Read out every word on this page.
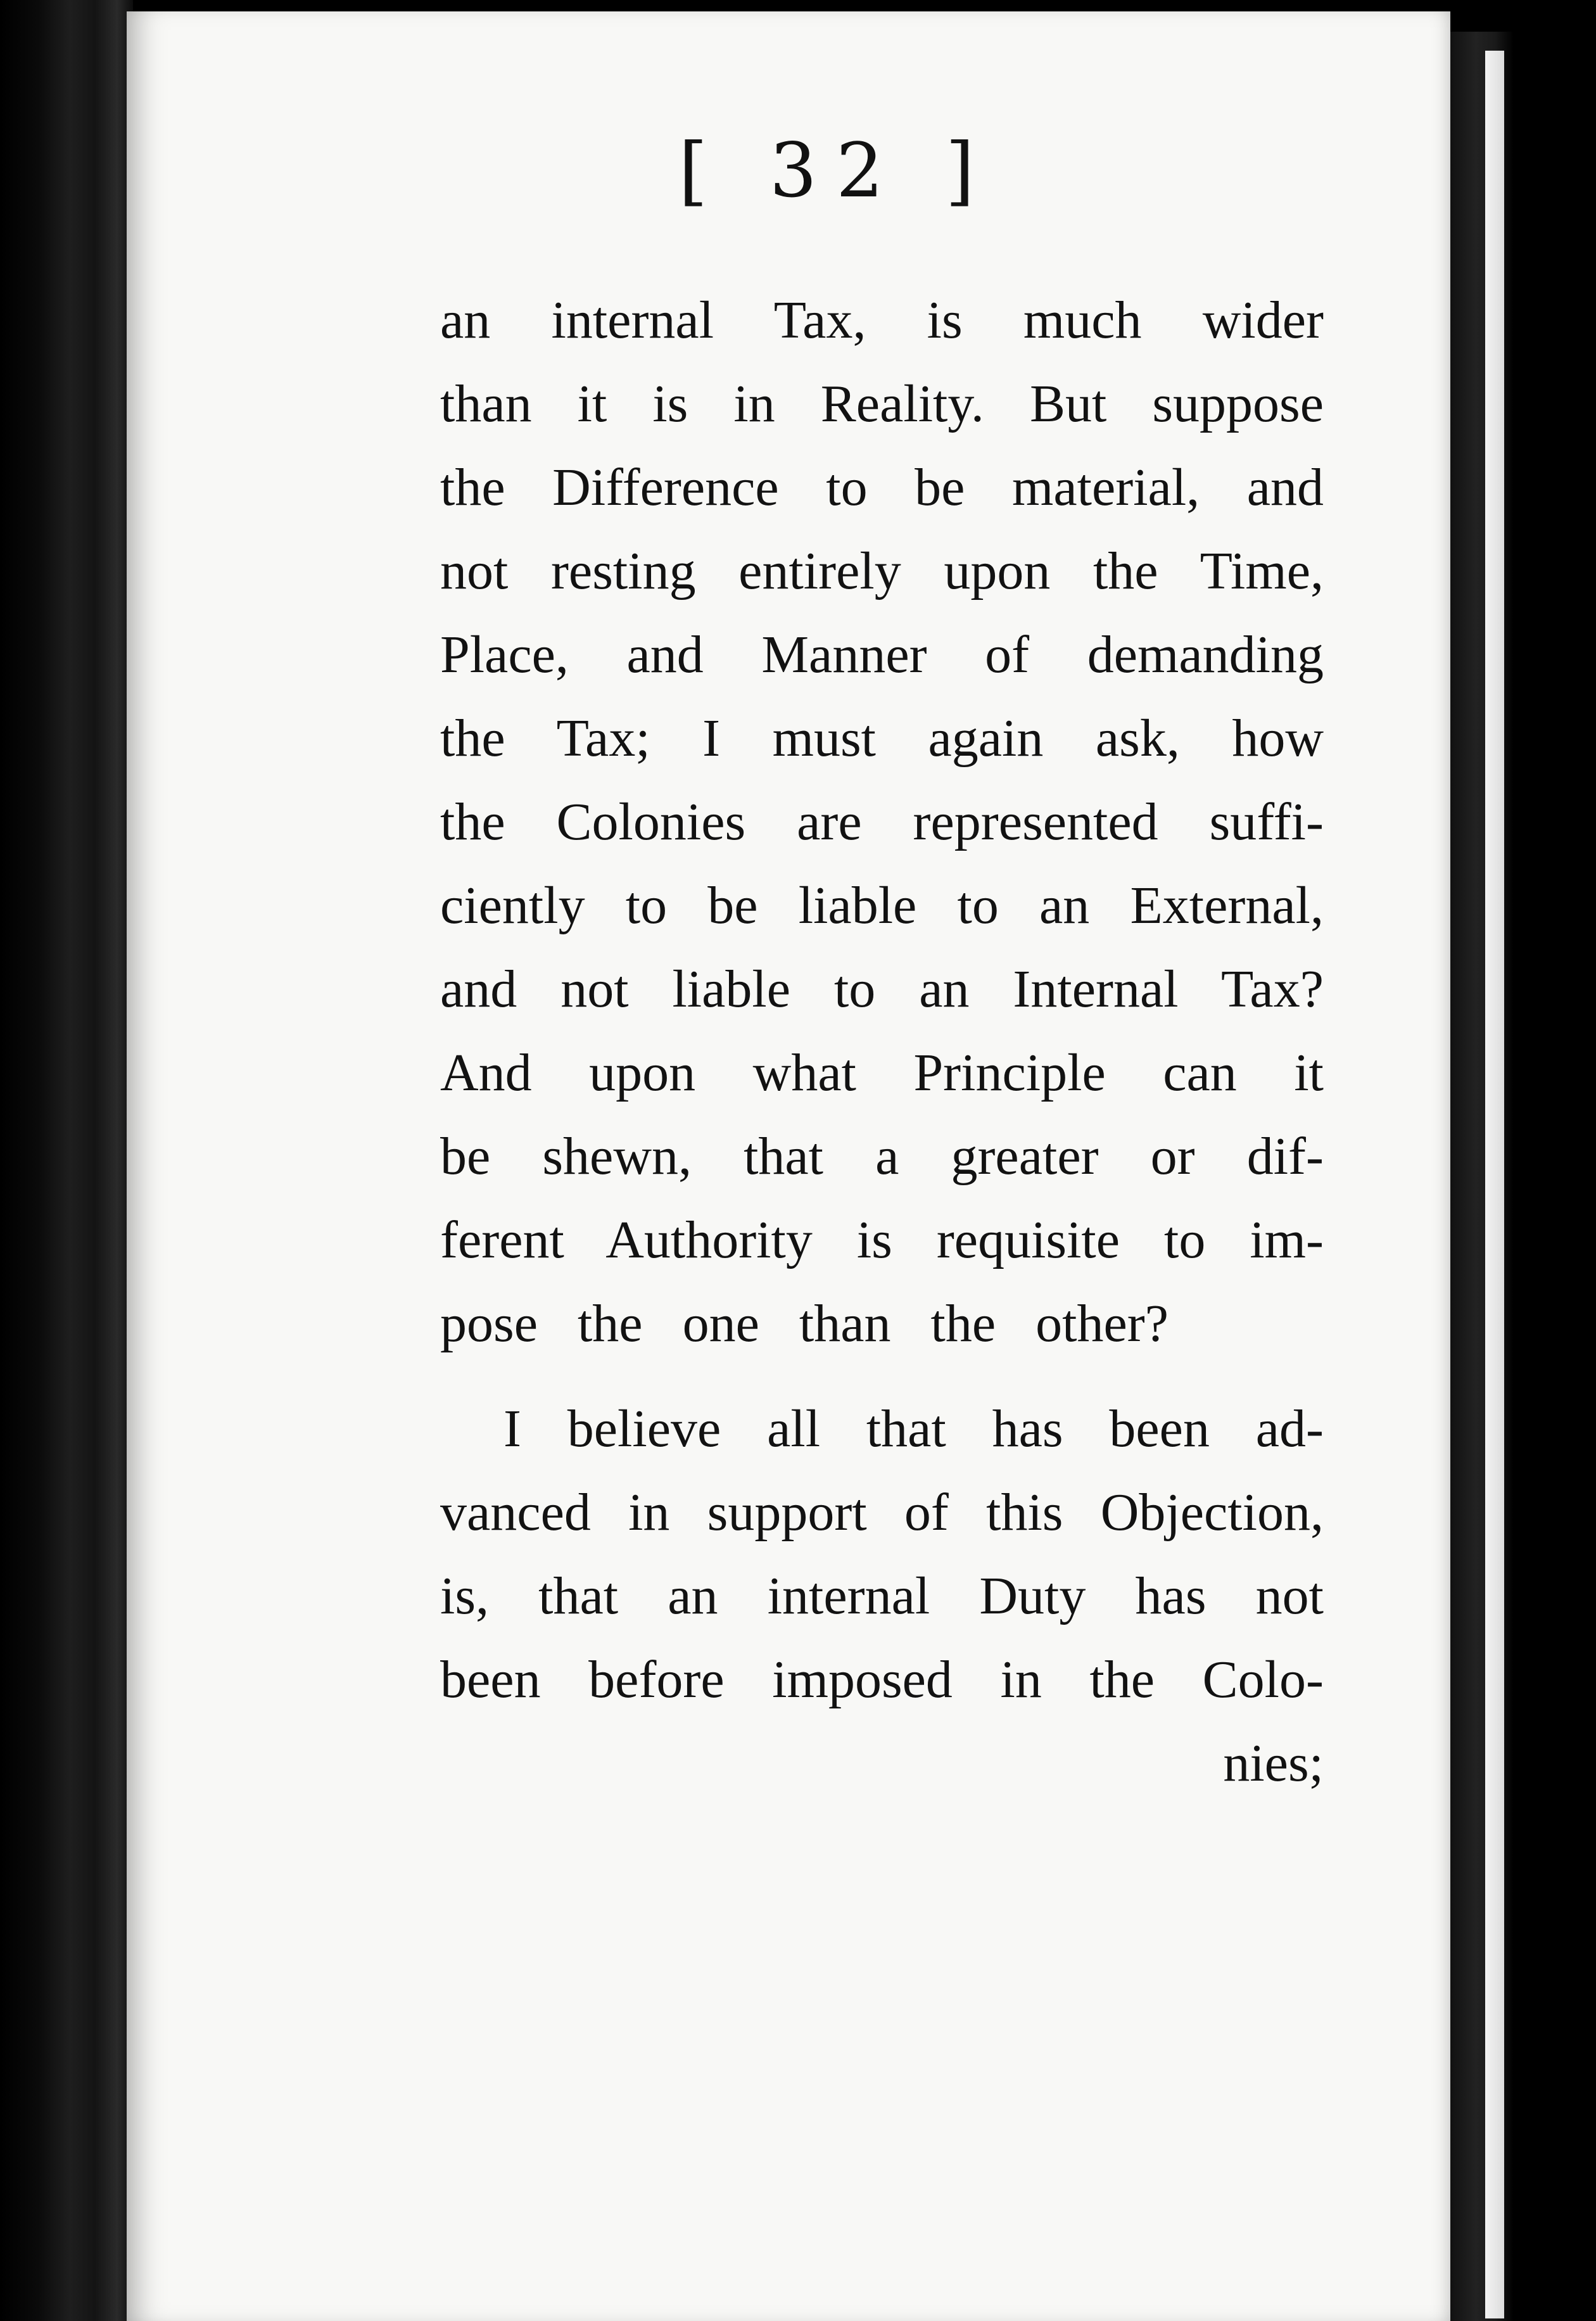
[ 32 ]
an internal Tax, is much wider
than it is in Reality. But suppose
the Difference to be material, and
not resting entirely upon the Time,
Place, and Manner of demanding
the Tax; I must again ask, how
the Colonies are represented suffi-
ciently to be liable to an External,
and not liable to an Internal Tax?
And upon what Principle can it
be shewn, that a greater or dif-
ferent Authority is requisite to im-
pose the one than the other?
I believe all that has been ad-
vanced in support of this Objection,
is, that an internal Duty has not
been before imposed in the Colo-
nies;
